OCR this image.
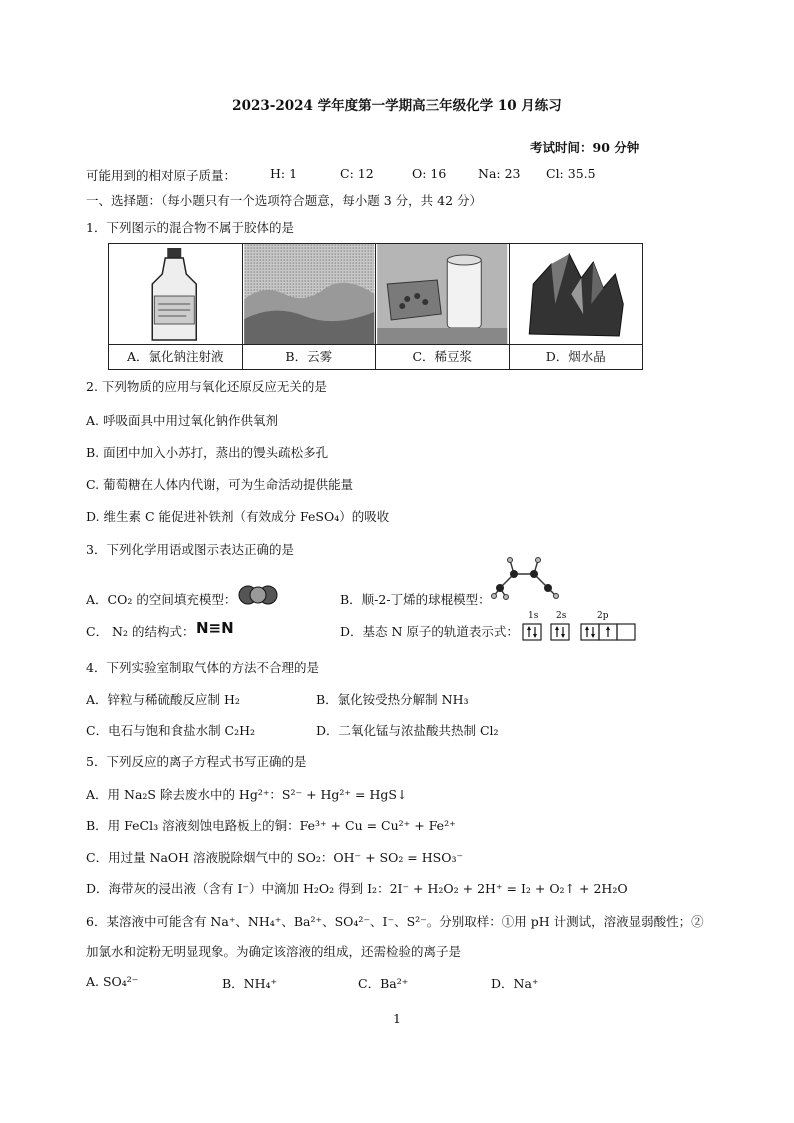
2023-2024 学年度第一学期高三年级化学 10 月练习
考试时间：90 分钟
可能用到的相对原子质量：	H: 1	C: 12	O: 16	Na: 23 Cl: 35.5
一、选择题：（每小题只有一个选项符合题意，每小题 3 分，共 42 分）
1．下列图示的混合物不属于胶体的是
A．氯化钠注射液	B．云雾	C．稀豆浆	D．烟水晶
2. 下列物质的应用与氧化还原反应无关的是
A. 呼吸面具中用过氧化钠作供氧剂
B. 面团中加入小苏打，蒸出的馒头疏松多孔
C. 葡萄糖在人体内代谢，可为生命活动提供能量
D. 维生素 C 能促进补铁剂（有效成分 FeSO₄）的吸收
3．下列化学用语或图示表达正确的是
A．CO₂ 的空间填充模型：	B．顺-2-丁烯的球棍模型：
C． N₂ 的结构式： N≡N	D．基态 N 原子的轨道表示式：
1s 2s	2p
4．下列实验室制取气体的方法不合理的是
A．锌粒与稀硫酸反应制 H₂	B．氯化铵受热分解制 NH₃
C．电石与饱和食盐水制 C₂H₂	D．二氧化锰与浓盐酸共热制 Cl₂
5．下列反应的离子方程式书写正确的是
A．用 Na₂S 除去废水中的 Hg²⁺：S²⁻ + Hg²⁺ = HgS↓
B．用 FeCl₃ 溶液刻蚀电路板上的铜：Fe³⁺ + Cu = Cu²⁺ + Fe²⁺
C．用过量 NaOH 溶液脱除烟气中的 SO₂：OH⁻ + SO₂ = HSO₃⁻
D．海带灰的浸出液（含有 I⁻）中滴加 H₂O₂ 得到 I₂：2I⁻ + H₂O₂ + 2H⁺ = I₂ + O₂↑ + 2H₂O
6．某溶液中可能含有 Na⁺、NH₄⁺、Ba²⁺、SO₄²⁻、I⁻、S²⁻。分别取样：①用 pH 计测试，溶液显弱酸性；②
加氯水和淀粉无明显现象。为确定该溶液的组成，还需检验的离子是
A. SO₄²⁻	B．NH₄⁺	C．Ba²⁺	D．Na⁺
1
